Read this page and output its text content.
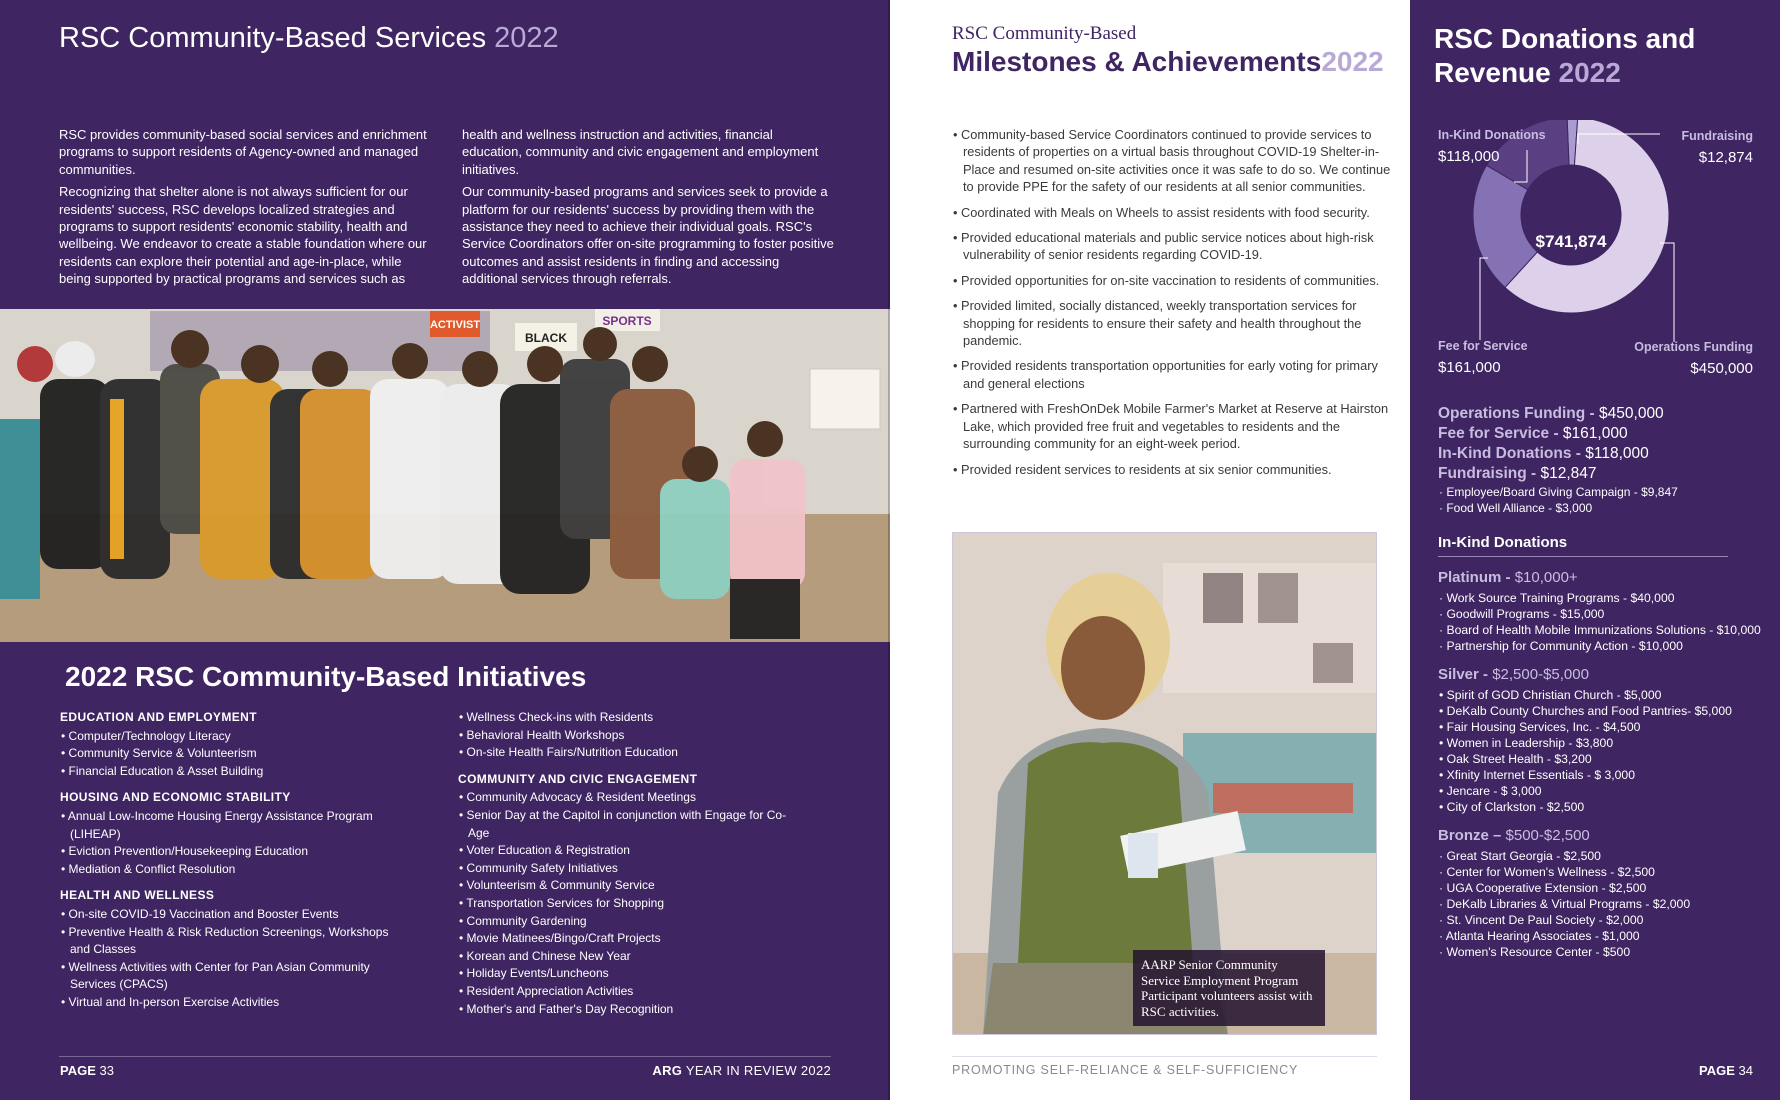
RSC Community-Based Services 2022

RSC provides community-based social services and enrichment programs to support residents of Agency-owned and managed communities.

Recognizing that shelter alone is not always sufficient for our residents' success, RSC develops localized strategies and programs to support residents' economic stability, health and wellbeing. We endeavor to create a stable foundation where our residents can explore their potential and age-in-place, while being supported by practical programs and services such as

health and wellness instruction and activities, financial education, community and civic engagement and employment initiatives.

Our community-based programs and services seek to provide a platform for our residents' success by providing them with the assistance they need to achieve their individual goals. RSC's Service Coordinators offer on-site programming to foster positive outcomes and assist residents in finding and accessing additional services through referrals.

ACTIVIST
BLACK
SPORTS
2022 RSC Community-Based Initiatives
EDUCATION AND EMPLOYMENT
• Computer/Technology Literacy
• Community Service & Volunteerism
• Financial Education & Asset Building
HOUSING AND ECONOMIC STABILITY
• Annual Low-Income Housing Energy Assistance Program (LIHEAP)
• Eviction Prevention/Housekeeping Education
• Mediation & Conflict Resolution
HEALTH AND WELLNESS
• On-site COVID-19 Vaccination and Booster Events
• Preventive Health & Risk Reduction Screenings, Workshops and Classes
• Wellness Activities with Center for Pan Asian Community Services (CPACS)
• Virtual and In-person Exercise Activities
• Wellness Check-ins with Residents
• Behavioral Health Workshops
• On-site Health Fairs/Nutrition Education
COMMUNITY AND CIVIC ENGAGEMENT
• Community Advocacy & Resident Meetings
• Senior Day at the Capitol in conjunction with Engage for Co-Age
• Voter Education & Registration
• Community Safety Initiatives
• Volunteerism & Community Service
• Transportation Services for Shopping
• Community Gardening
• Movie Matinees/Bingo/Craft Projects
• Korean and Chinese New Year
• Holiday Events/Luncheons
• Resident Appreciation Activities
• Mother's and Father's Day Recognition
PAGE 33	ARG YEAR IN REVIEW 2022
RSC Community-Based
Milestones & Achievements2022
• Community-based Service Coordinators continued to provide services to residents of properties on a virtual basis throughout COVID-19 Shelter-in-Place and resumed on-site activities once it was safe to do so. We continue to provide PPE for the safety of our residents at all senior communities.
• Coordinated with Meals on Wheels to assist residents with food security.
• Provided educational materials and public service notices about high-risk vulnerability of senior residents regarding COVID-19.
• Provided opportunities for on-site vaccination to residents of communities.
• Provided limited, socially distanced, weekly transportation services for shopping for residents to ensure their safety and health throughout the pandemic.
• Provided residents transportation opportunities for early voting for primary and general elections
• Partnered with FreshOnDek Mobile Farmer's Market at Reserve at Hairston Lake, which provided free fruit and vegetables to residents and the surrounding community for an eight-week period.
• Provided resident services to residents at six senior communities.
AARP Senior Community Service Employment Program Participant volunteers assist with RSC activities.
PROMOTING SELF-RELIANCE & SELF-SUFFICIENCY
RSC Donations and Revenue 2022
In-Kind Donations
$118,000
Fundraising
$12,874
Fee for Service
$161,000
Operations Funding
$450,000
$741,874
Operations Funding - $450,000
Fee for Service - $161,000
In-Kind Donations - $118,000
Fundraising - $12,847
· Employee/Board Giving Campaign - $9,847
· Food Well Alliance - $3,000
In-Kind Donations
Platinum - $10,000+
· Work Source Training Programs - $40,000
· Goodwill Programs - $15,000
· Board of Health Mobile Immunizations Solutions - $10,000
· Partnership for Community Action - $10,000
Silver - $2,500-$5,000
• Spirit of GOD Christian Church - $5,000
• DeKalb County Churches and Food Pantries- $5,000
• Fair Housing Services, Inc. - $4,500
• Women in Leadership - $3,800
• Oak Street Health - $3,200
• Xfinity Internet Essentials - $ 3,000
• Jencare - $ 3,000
• City of Clarkston - $2,500
Bronze – $500-$2,500
· Great Start Georgia - $2,500
· Center for Women's Wellness - $2,500
· UGA Cooperative Extension - $2,500
· DeKalb Libraries & Virtual Programs - $2,000
· St. Vincent De Paul Society - $2,000
· Atlanta Hearing Associates - $1,000
· Women's Resource Center - $500
PAGE 34
